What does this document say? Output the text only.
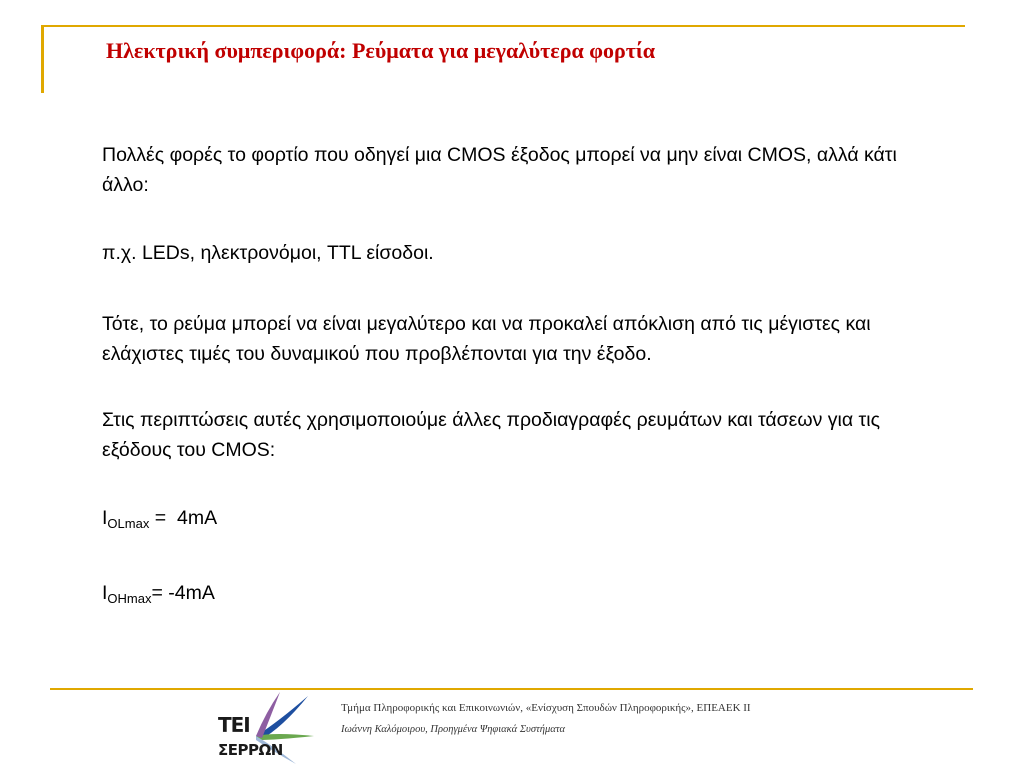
Ηλεκτρική συμπεριφορά: Ρεύματα για μεγαλύτερα φορτία

Πολλές φορές το φορτίο που οδηγεί μια CMOS έξοδος μπορεί να μην είναι CMOS, αλλά κάτι άλλο:

π.χ. LEDs, ηλεκτρονόμοι, TTL είσοδοι.

Τότε, το ρεύμα μπορεί να είναι μεγαλύτερο και να προκαλεί απόκλιση από τις μέγιστες και ελάχιστες τιμές του δυναμικού που προβλέπονται για την έξοδο.

Στις περιπτώσεις αυτές χρησιμοποιούμε άλλες προδιαγραφές ρευμάτων και τάσεων για τις εξόδους του CMOS:

$I_{OLmax} = 4mA$

$I_{OHmax}= -4mA$

ΤΕΙ
ΣΕΡΡΩΝ
Τμήμα Πληροφορικής και Επικοινωνιών, «Ενίσχυση Σπουδών Πληροφορικής», ΕΠΕΑΕΚ ΙΙ
Ιωάννη Καλόμοιρου, Προηγμένα Ψηφιακά Συστήματα
